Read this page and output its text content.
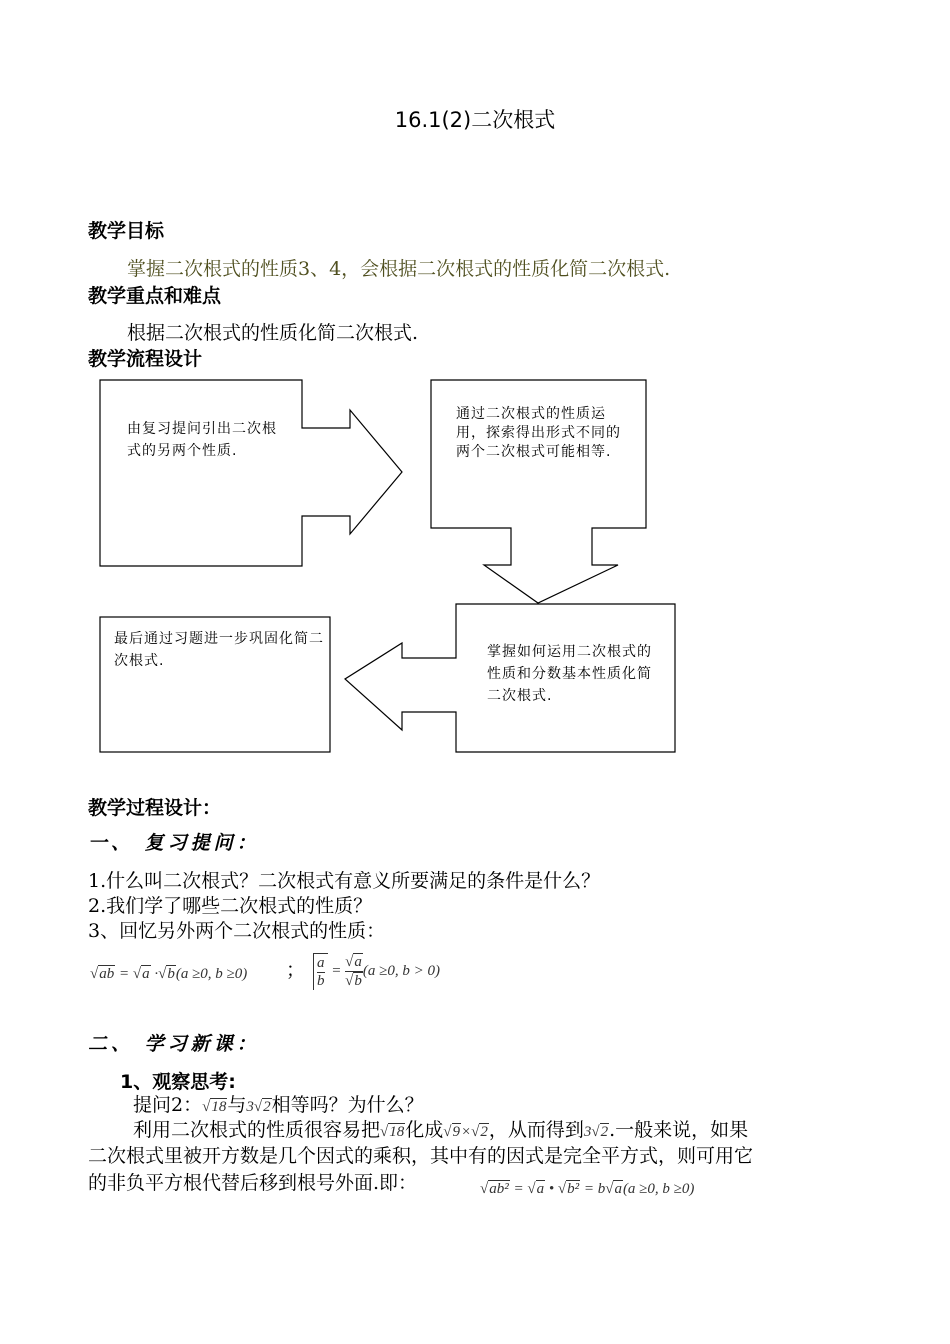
16.1(2)二次根式
教学目标
掌握二次根式的性质3、4，会根据二次根式的性质化简二次根式.
教学重点和难点
根据二次根式的性质化简二次根式.
教学流程设计
由复习提问引出二次根式的另两个性质.
通过二次根式的性质运用，探索得出形式不同的两个二次根式可能相等.
掌握如何运用二次根式的性质和分数基本性质化简二次根式.
最后通过习题进一步巩固化简二次根式.
教学过程设计：
一、 复习提问：
1.什么叫二次根式？二次根式有意义所要满足的条件是什么？
2.我们学了哪些二次根式的性质？
3、回忆另外两个二次根式的性质：
√ab = √a ·√b(a ≥0, b ≥0) ； a
b = √a
√b(a ≥0, b > 0)
二、 学习新课：
1、观察思考:
提问2：√18与3√2相等吗？为什么？
利用二次根式的性质很容易把√18化成√9×√2，从而得到3√2.一般来说，如果
二次根式里被开方数是几个因式的乘积，其中有的因式是完全平方式，则可用它
的非负平方根代替后移到根号外面.即：	√ab² = √a • √b² = b√a(a ≥0, b ≥0)
